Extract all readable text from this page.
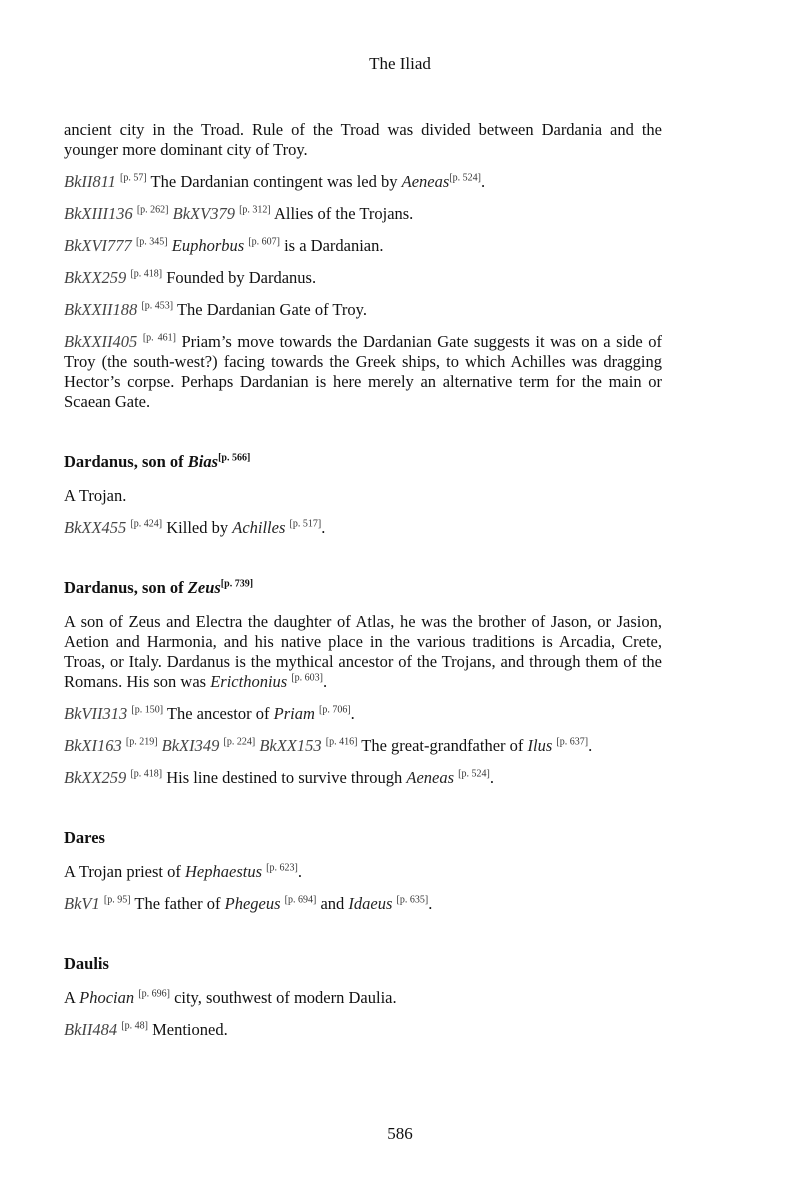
The Iliad

ancient city in the Troad. Rule of the Troad was divided between Dardania and the younger more dominant city of Troy.

BkII811 [p. 57] The Dardanian contingent was led by Aeneas[p. 524].

BkXIII136 [p. 262] BkXV379 [p. 312] Allies of the Trojans.

BkXVI777 [p. 345] Euphorbus [p. 607] is a Dardanian.

BkXX259 [p. 418] Founded by Dardanus.

BkXXII188 [p. 453] The Dardanian Gate of Troy.

BkXXII405 [p. 461] Priam’s move towards the Dardanian Gate suggests it was on a side of Troy (the south-west?) facing towards the Greek ships, to which Achilles was dragging Hector’s corpse. Perhaps Dardanian is here merely an alternative term for the main or Scaean Gate.

Dardanus, son of Bias[p. 566]

A Trojan.

BkXX455 [p. 424] Killed by Achilles [p. 517].

Dardanus, son of Zeus[p. 739]

A son of Zeus and Electra the daughter of Atlas, he was the brother of Jason, or Jasion, Aetion and Harmonia, and his native place in the various traditions is Arcadia, Crete, Troas, or Italy. Dardanus is the mythical ancestor of the Trojans, and through them of the Romans. His son was Ericthonius [p. 603].

BkVII313 [p. 150] The ancestor of Priam [p. 706].

BkXI163 [p. 219] BkXI349 [p. 224] BkXX153 [p. 416] The great-grandfather of Ilus [p. 637].

BkXX259 [p. 418] His line destined to survive through Aeneas [p. 524].

Dares

A Trojan priest of Hephaestus [p. 623].

BkV1 [p. 95] The father of Phegeus [p. 694] and Idaeus [p. 635].

Daulis

A Phocian [p. 696] city, southwest of modern Daulia.

BkII484 [p. 48] Mentioned.

586
